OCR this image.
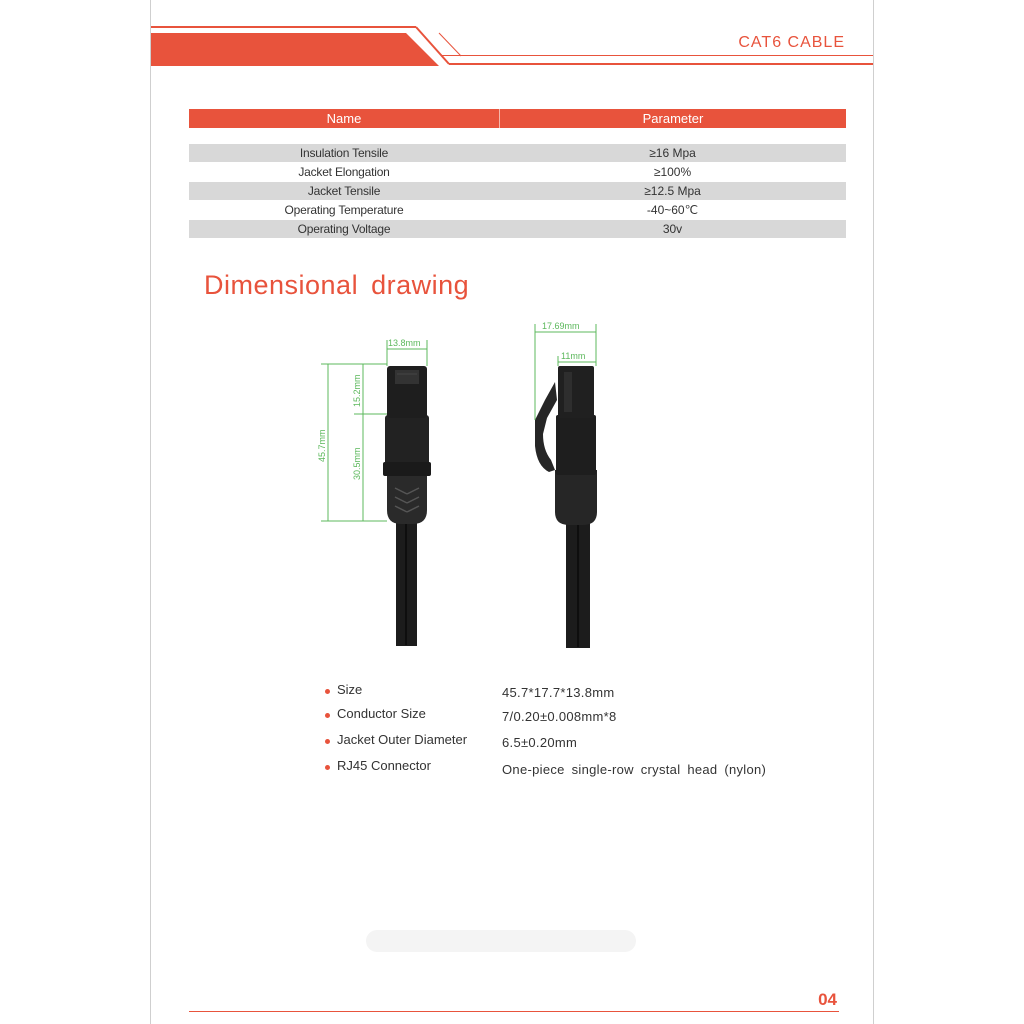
CAT6 UTP Network Cable
CAT6 CABLE
Name	Parameter
Insulation Tensile	≥16 Mpa
Jacket Elongation	≥100%
Jacket Tensile	≥12.5 Mpa
Operating Temperature	-40~60℃
Operating Voltage	30v
Dimensional drawing
13.8mm
45.7mm
15.2mm
30.5mm
17.69mm
11mm
Size	45.7*17.7*13.8mm
Conductor Size	7/0.20±0.008mm*8
Jacket Outer Diameter	6.5±0.20mm
RJ45 Connector	One-piece single-row crystal head (nylon)
04
